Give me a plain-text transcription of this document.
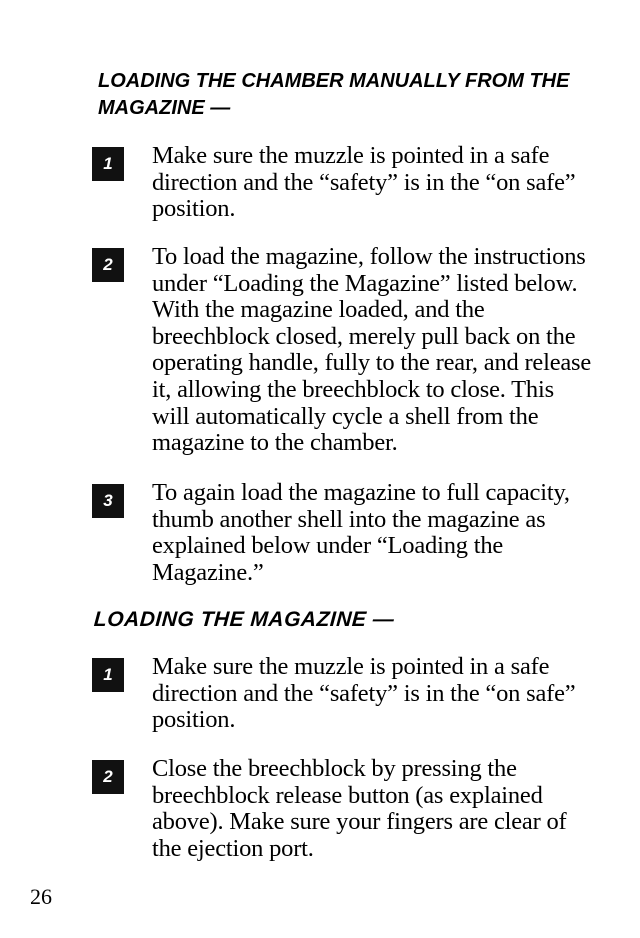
LOADING THE CHAMBER MANUALLY FROM THE MAGAZINE —
1	Make sure the muzzle is pointed in a safe direction and the “safety” is in the “on safe” position.

2	To load the magazine, follow the instructions under “Loading the Magazine” listed below. With the magazine loaded, and the breechblock closed, merely pull back on the operating handle, fully to the rear, and release it, allowing the breechblock to close. This will automatically cycle a shell from the magazine to the chamber.

3	To again load the magazine to full capacity, thumb another shell into the magazine as explained below under “Loading the Magazine.”

LOADING THE MAGAZINE —
1	Make sure the muzzle is pointed in a safe direction and the “safety” is in the “on safe” position.

2	Close the breechblock by pressing the breechblock release button (as explained above). Make sure your fingers are clear of the ejection port.

26
